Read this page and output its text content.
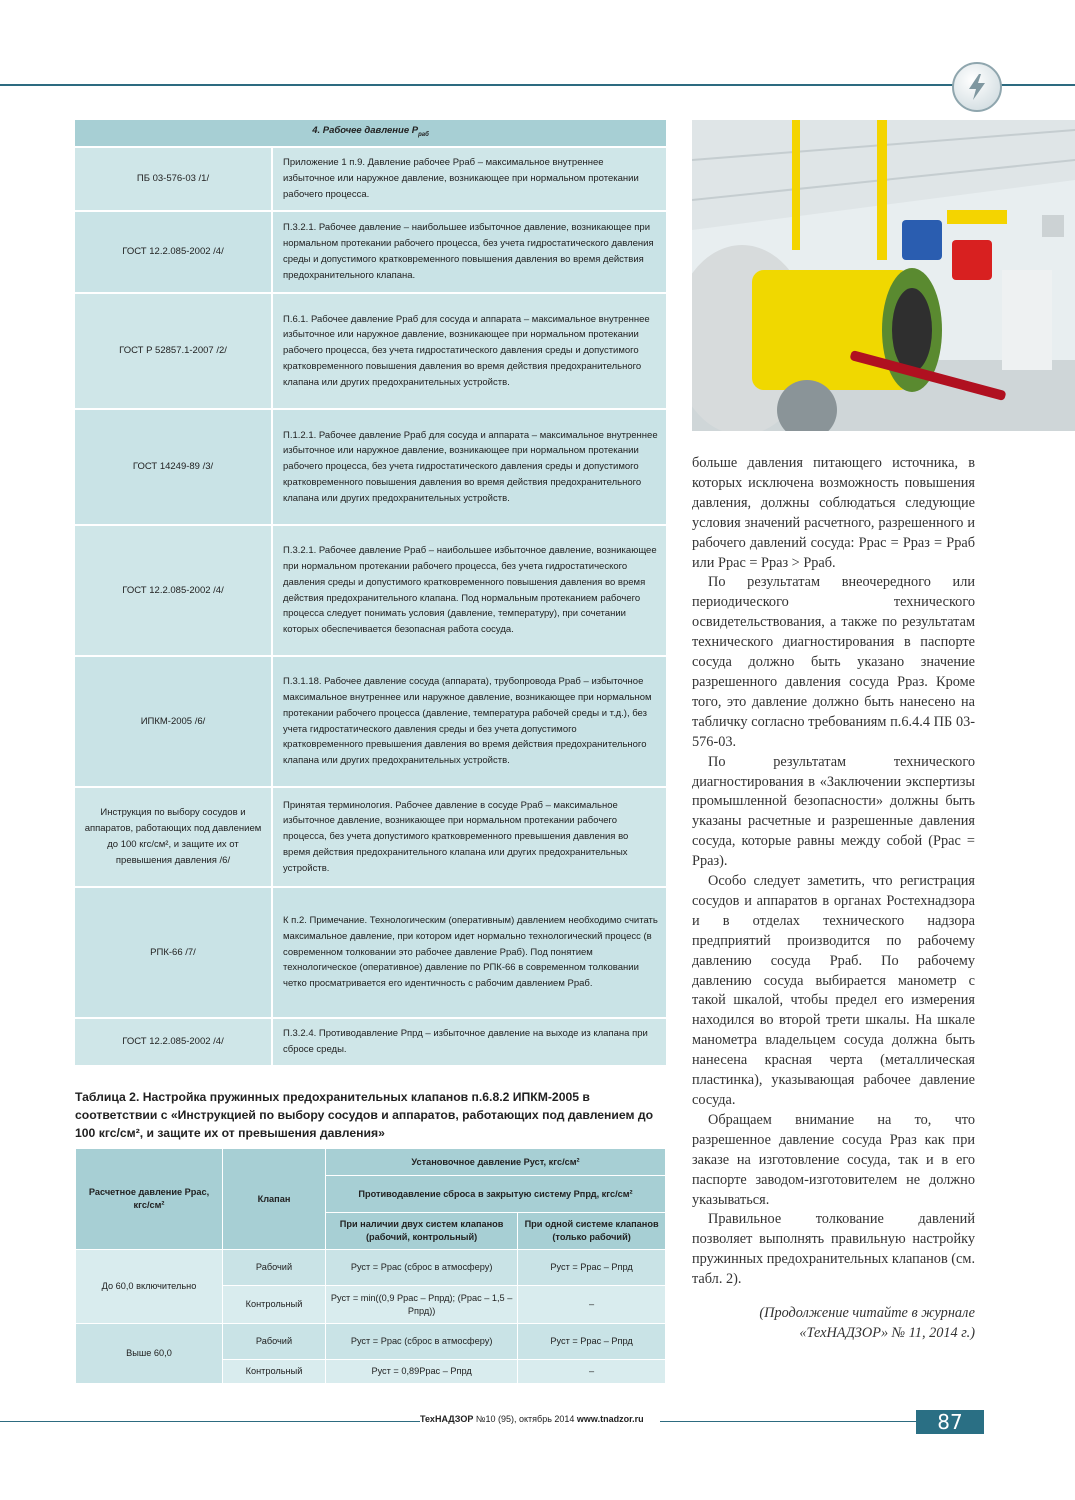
4. Рабочее давление $P_{раб}$
ПБ 03-576-03 /1/	Приложение 1 п.9. Давление рабочее Pраб – максимальное внутреннее избыточное или наружное давление, возникающее при нормальном протекании рабочего процесса.
ГОСТ 12.2.085-2002 /4/	П.3.2.1. Рабочее давление – наибольшее избыточное давление, возникающее при нормальном протекании рабочего процесса, без учета гидростатического давления среды и допустимого кратковременного повышения давления во время действия предохранительного клапана.
ГОСТ Р 52857.1-2007 /2/	П.6.1. Рабочее давление Pраб для сосуда и аппарата – максимальное внутреннее избыточное или наружное давление, возникающее при нормальном протекании рабочего процесса, без учета гидростатического давления среды и допустимого кратковременного повышения давления во время действия предохранительного клапана или других предохранительных устройств.
ГОСТ 14249-89 /3/	П.1.2.1. Рабочее давление Pраб для сосуда и аппарата – максимальное внутреннее избыточное или наружное давление, возникающее при нормальном протекании рабочего процесса, без учета гидростатического давления среды и допустимого кратковременного повышения давления во время действия предохранительного клапана или других предохранительных устройств.
ГОСТ 12.2.085-2002 /4/	П.3.2.1. Рабочее давление Pраб – наибольшее избыточное давление, возникающее при нормальном протекании рабочего процесса, без учета гидростатического давления среды и допустимого кратковременного повышения давления во время действия предохранительного клапана. Под нормальным протеканием рабочего процесса следует понимать условия (давление, температуру), при сочетании которых обеспечивается безопасная работа сосуда.
ИПКМ-2005 /6/	П.3.1.18. Рабочее давление сосуда (аппарата), трубопровода Pраб – избыточное максимальное внутреннее или наружное давление, возникающее при нормальном протекании рабочего процесса (давление, температура рабочей среды и т.д.), без учета гидростатического давления среды и без учета допустимого кратковременного превышения давления во время действия предохранительного клапана или других предохранительных устройств.
Инструкция по выбору сосудов и аппаратов, работающих под давлением до 100 кгс/см², и защите их от превышения давления /6/	Принятая терминология. Рабочее давление в сосуде Pраб – максимальное избыточное давление, возникающее при нормальном протекании рабочего процесса, без учета допустимого кратковременного превышения давления во время действия предохранительного клапана или других предохранительных устройств.
РПК-66 /7/	К п.2. Примечание. Технологическим (оперативным) давлением необходимо считать максимальное давление, при котором идет нормально технологический процесс (в современном толковании это рабочее давление Pраб). Под понятием технологическое (оперативное) давление по РПК-66 в современном толковании четко просматривается его идентичность с рабочим давлением Pраб.
ГОСТ 12.2.085-2002 /4/	П.3.2.4. Противодавление Pпрд – избыточное давление на выходе из клапана при сбросе среды.
Таблица 2. Настройка пружинных предохранительных клапанов п.6.8.2 ИПКМ-2005 в соответствии с «Инструкцией по выбору сосудов и аппаратов, работающих под давлением до 100 кгс/см², и защите их от превышения давления»
Расчетное давление Pрас, кгс/см²	Клапан	Установочное давление Pуст, кгс/см²	
		Противодавление сброса в закрытую систему Pпрд, кгс/см²	
		При наличии двух систем клапанов (рабочий, контрольный)	При одной системе клапанов (только рабочий)
До 60,0 включительно	Рабочий	Pуст = Pрас (сброс в атмосферу)	Pуст = Pрас – Pпрд
	Контрольный	Pуст = min((0,9 Pрас – Pпрд); (Pрас – 1,5 – Pпрд))	–
Выше 60,0	Рабочий	Pуст = Pрас (сброс в атмосферу)	Pуст = Pрас – Pпрд
	Контрольный	Pуст = 0,89Pрас – Pпрд	–

больше давления питающего источника, в которых исключена возможность повышения давления, должны соблюдаться следующие условия значений расчетного, разрешенного и рабочего давлений сосуда: Pрас = Pраз = Pраб или Pрас = Pраз > Pраб.

По результатам внеочередного или периодического технического освидетельствования, а также по результатам технического диагностирования в паспорте сосуда должно быть указано значение разрешенного давления сосуда Pраз. Кроме того, это давление должно быть нанесено на табличку согласно требованиям п.6.4.4 ПБ 03-576-03.

По результатам технического диагностирования в «Заключении экспертизы промышленной безопасности» должны быть указаны расчетные и разрешенные давления сосуда, которые равны между собой (Pрас = Pраз).

Особо следует заметить, что регистрация сосудов и аппаратов в органах Ростехнадзора и в отделах технического надзора предприятий производится по рабочему давлению сосуда Pраб. По рабочему давлению сосуда выбирается манометр с такой шкалой, чтобы предел его измерения находился во второй трети шкалы. На шкале манометра владельцем сосуда должна быть нанесена красная черта (металлическая пластинка), указывающая рабочее давление сосуда.

Обращаем внимание на то, что разрешенное давление сосуда Pраз как при заказе на изготовление сосуда, так и в его паспорте заводом-изготовителем не должно указываться.

Правильное толкование давлений позволяет выполнять правильную настройку пружинных предохранительных клапанов (см. табл. 2).

(Продолжение читайте в журнале
«ТехНАДЗОР» № 11, 2014 г.)

ТехНАДЗОР №10 (95), октябрь 2014 www.tnadzor.ru	87
